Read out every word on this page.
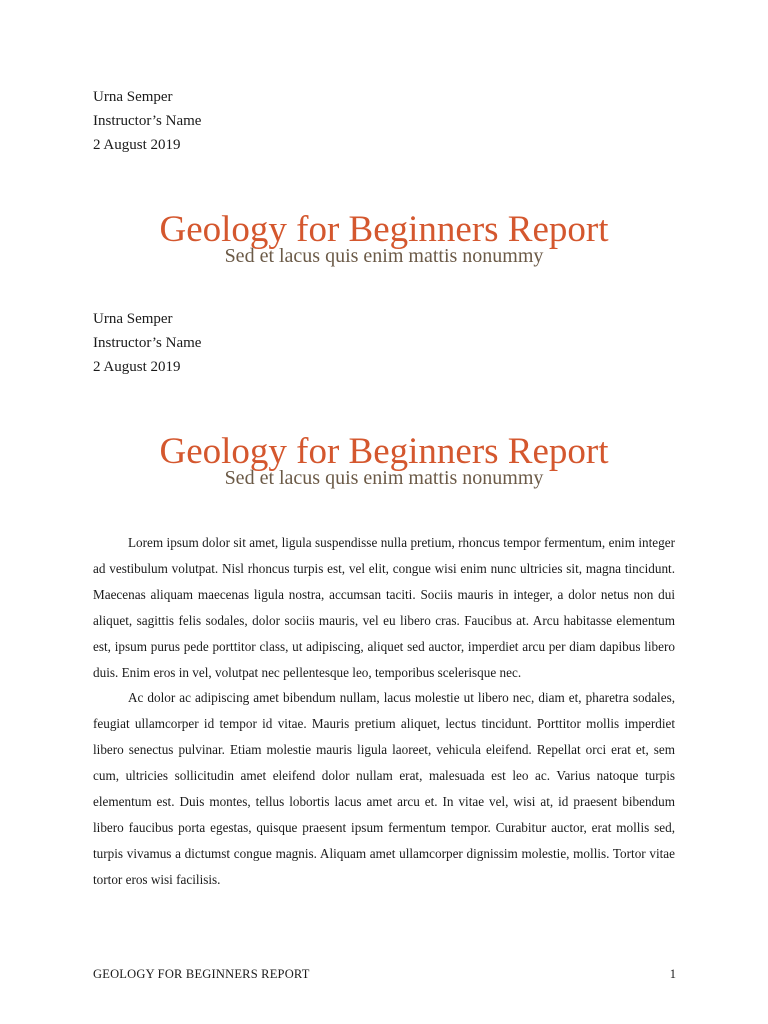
Urna Semper
Instructor’s Name
2 August 2019
Geology for Beginners Report
Sed et lacus quis enim mattis nonummy
Urna Semper
Instructor’s Name
2 August 2019
Geology for Beginners Report
Sed et lacus quis enim mattis nonummy

Lorem ipsum dolor sit amet, ligula suspendisse nulla pretium, rhoncus tempor fermentum, enim integer ad vestibulum volutpat. Nisl rhoncus turpis est, vel elit, congue wisi enim nunc ultricies sit, magna tincidunt. Maecenas aliquam maecenas ligula nostra, accumsan taciti. Sociis mauris in integer, a dolor netus non dui aliquet, sagittis felis sodales, dolor sociis mauris, vel eu libero cras. Faucibus at. Arcu habitasse elementum est, ipsum purus pede porttitor class, ut adipiscing, aliquet sed auctor, imperdiet arcu per diam dapibus libero duis. Enim eros in vel, volutpat nec pellentesque leo, temporibus scelerisque nec.

Ac dolor ac adipiscing amet bibendum nullam, lacus molestie ut libero nec, diam et, pharetra sodales, feugiat ullamcorper id tempor id vitae. Mauris pretium aliquet, lectus tincidunt. Porttitor mollis imperdiet libero senectus pulvinar. Etiam molestie mauris ligula laoreet, vehicula eleifend. Repellat orci erat et, sem cum, ultricies sollicitudin amet eleifend dolor nullam erat, malesuada est leo ac. Varius natoque turpis elementum est. Duis montes, tellus lobortis lacus amet arcu et. In vitae vel, wisi at, id praesent bibendum libero faucibus porta egestas, quisque praesent ipsum fermentum tempor. Curabitur auctor, erat mollis sed, turpis vivamus a dictumst congue magnis. Aliquam amet ullamcorper dignissim molestie, mollis. Tortor vitae tortor eros wisi facilisis.

GEOLOGY FOR BEGINNERS REPORT	1
